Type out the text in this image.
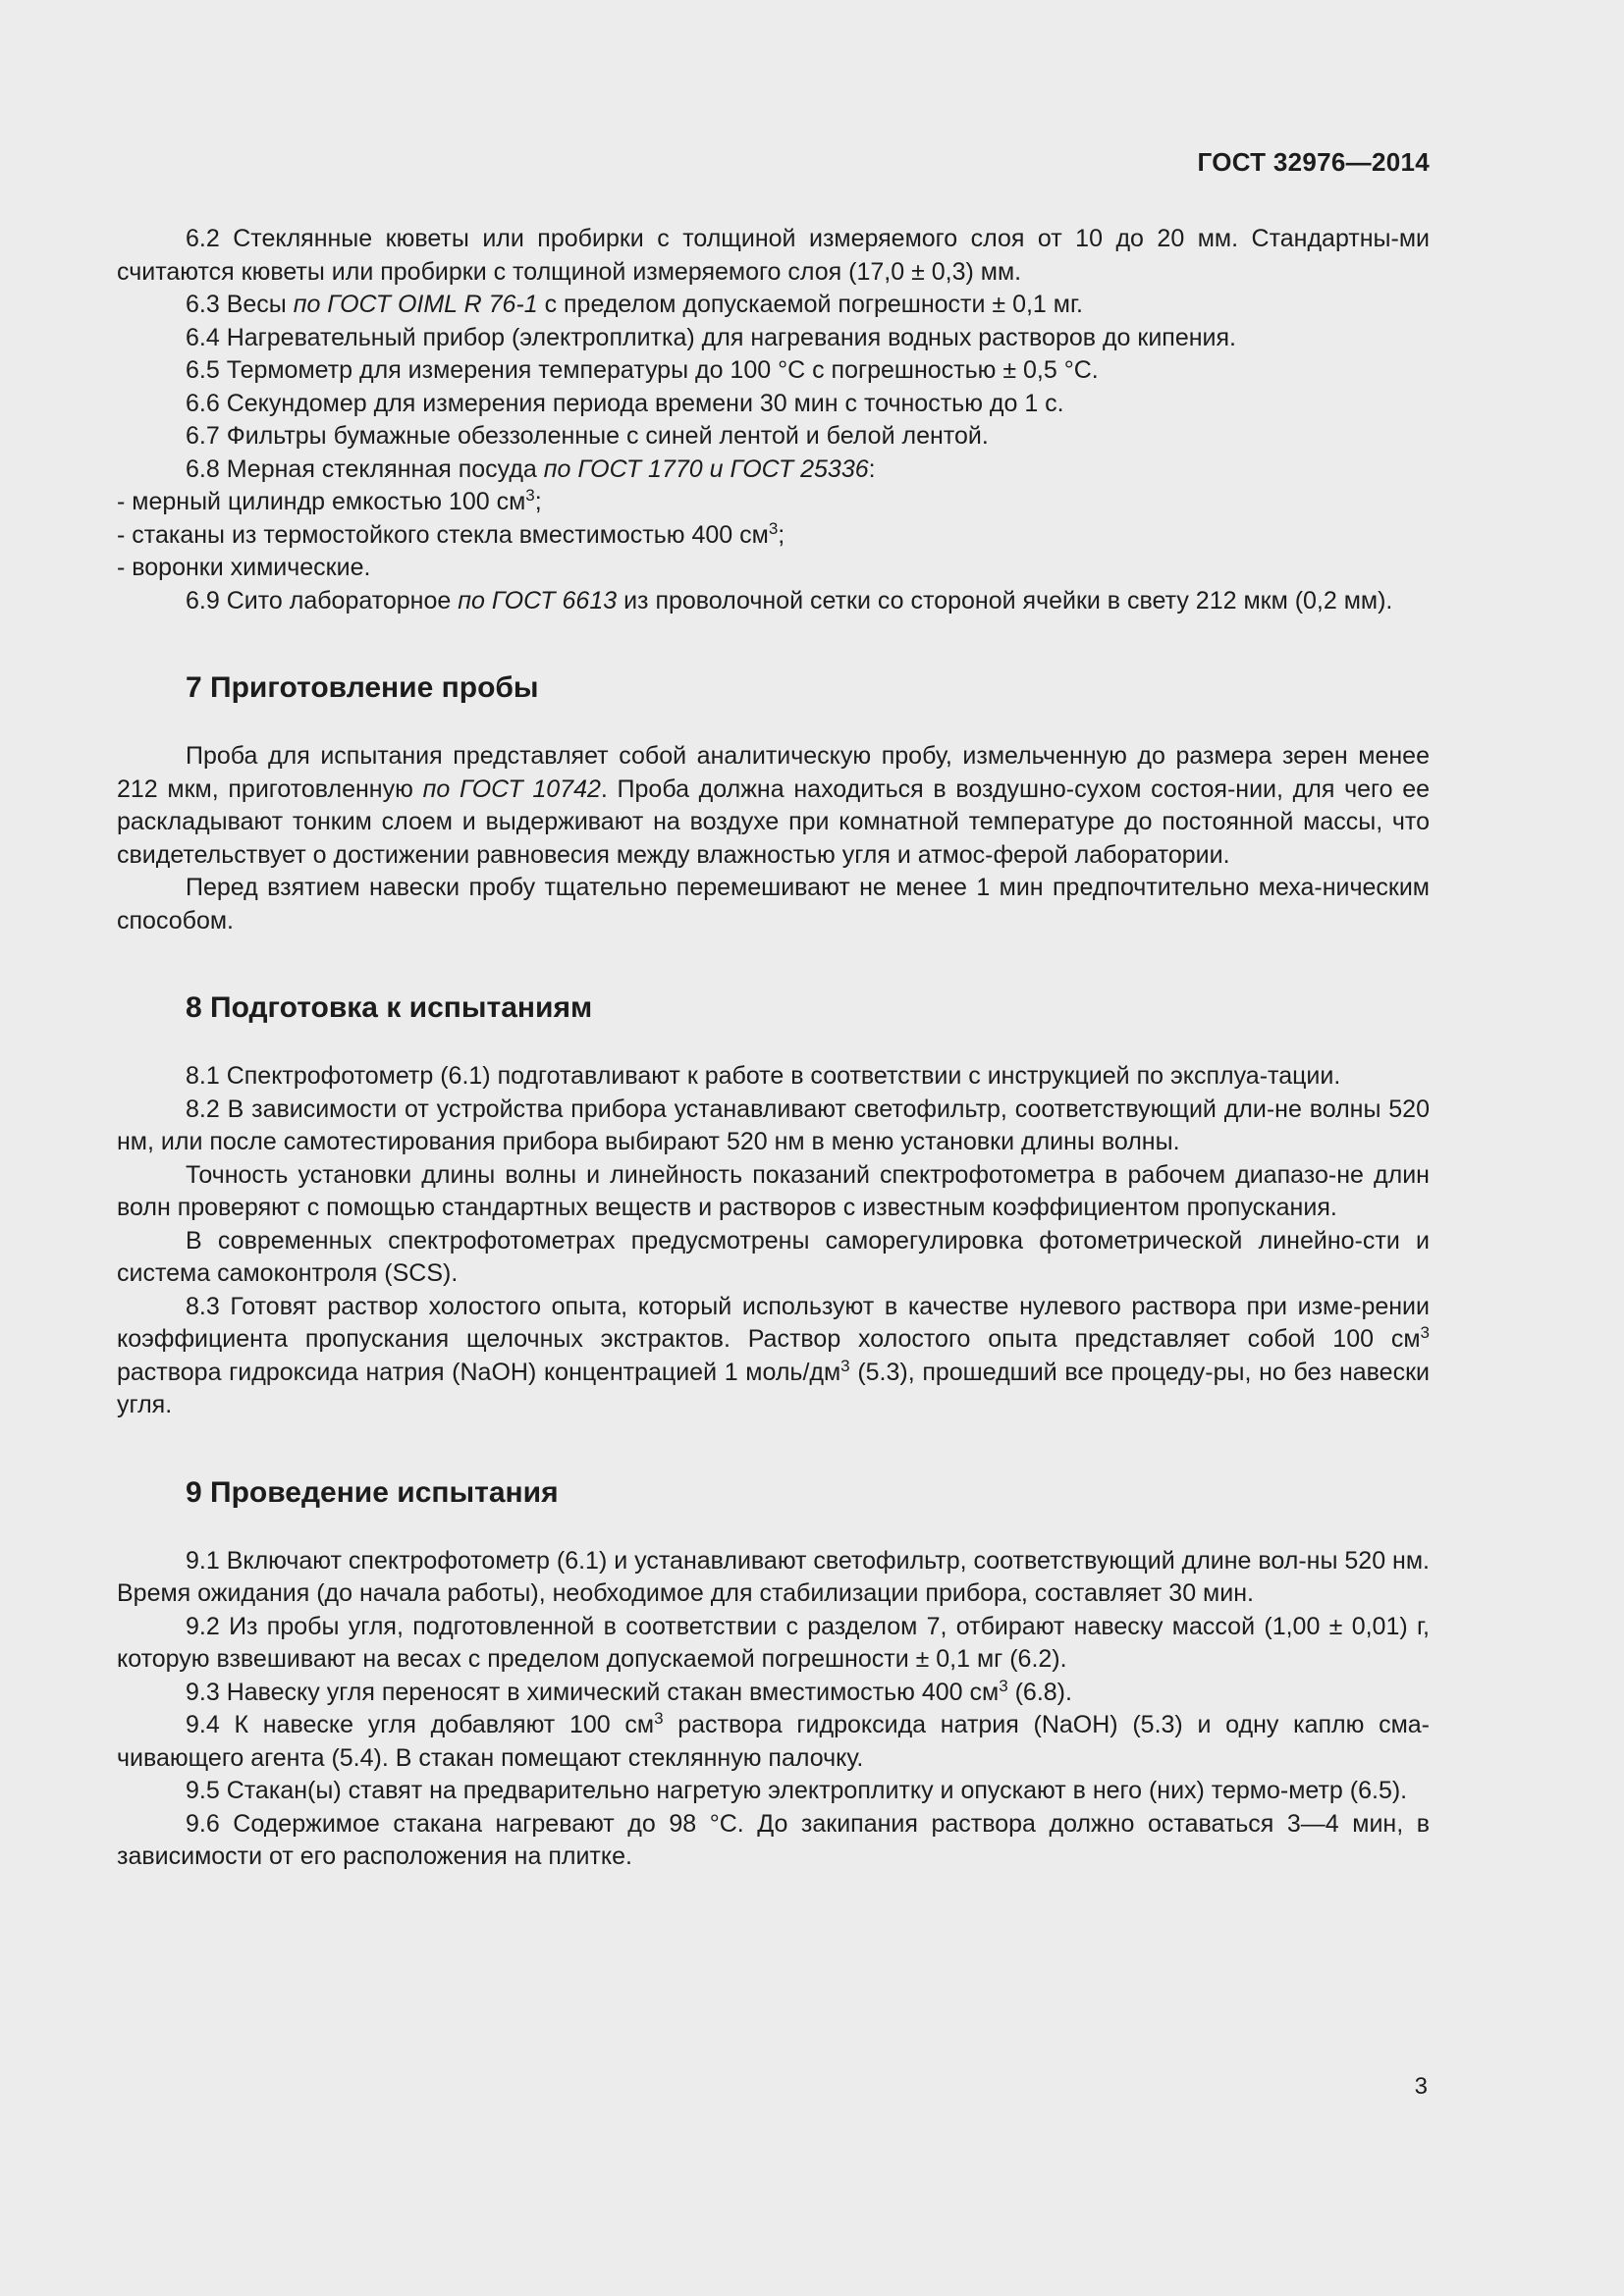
ГОСТ 32976—2014

6.2 Стеклянные кюветы или пробирки с толщиной измеряемого слоя от 10 до 20 мм. Стандартны-ми считаются кюветы или пробирки с толщиной измеряемого слоя (17,0 ± 0,3) мм.

6.3 Весы по ГОСТ OIML R 76-1 с пределом допускаемой погрешности ± 0,1 мг.

6.4 Нагревательный прибор (электроплитка) для нагревания водных растворов до кипения.

6.5 Термометр для измерения температуры до 100 °С с погрешностью ± 0,5 °С.

6.6 Секундомер для измерения периода времени 30 мин с точностью до 1 с.

6.7 Фильтры бумажные обеззоленные с синей лентой и белой лентой.

6.8 Мерная стеклянная посуда по ГОСТ 1770 и ГОСТ 25336:

- мерный цилиндр емкостью 100 $см^3$;

- стаканы из термостойкого стекла вместимостью 400 $см^3$;

- воронки химические.

6.9 Сито лабораторное по ГОСТ 6613 из проволочной сетки со стороной ячейки в свету 212 мкм (0,2 мм).

7 Приготовление пробы

Проба для испытания представляет собой аналитическую пробу, измельченную до размера зерен менее 212 мкм, приготовленную по ГОСТ 10742. Проба должна находиться в воздушно-сухом состоя-нии, для чего ее раскладывают тонким слоем и выдерживают на воздухе при комнатной температуре до постоянной массы, что свидетельствует о достижении равновесия между влажностью угля и атмос-ферой лаборатории.

Перед взятием навески пробу тщательно перемешивают не менее 1 мин предпочтительно меха-ническим способом.

8 Подготовка к испытаниям

8.1 Спектрофотометр (6.1) подготавливают к работе в соответствии с инструкцией по эксплуа-тации.

8.2 В зависимости от устройства прибора устанавливают светофильтр, соответствующий дли-не волны 520 нм, или после самотестирования прибора выбирают 520 нм в меню установки длины волны.

Точность установки длины волны и линейность показаний спектрофотометра в рабочем диапазо-не длин волн проверяют с помощью стандартных веществ и растворов с известным коэффициентом пропускания.

В современных спектрофотометрах предусмотрены саморегулировка фотометрической линейно-сти и система самоконтроля (SCS).

8.3 Готовят раствор холостого опыта, который используют в качестве нулевого раствора при изме-рении коэффициента пропускания щелочных экстрактов. Раствор холостого опыта представляет собой 100 $см^3$ раствора гидроксида натрия (NaOH) концентрацией 1 моль/$дм^3$ (5.3), прошедший все процеду-ры, но без навески угля.

9 Проведение испытания

9.1 Включают спектрофотометр (6.1) и устанавливают светофильтр, соответствующий длине вол-ны 520 нм. Время ожидания (до начала работы), необходимое для стабилизации прибора, составляет 30 мин.

9.2 Из пробы угля, подготовленной в соответствии с разделом 7, отбирают навеску массой (1,00 ± 0,01) г, которую взвешивают на весах с пределом допускаемой погрешности ± 0,1 мг (6.2).

9.3 Навеску угля переносят в химический стакан вместимостью 400 $см^3$ (6.8).

9.4 К навеске угля добавляют 100 $см^3$ раствора гидроксида натрия (NaOH) (5.3) и одну каплю сма-чивающего агента (5.4). В стакан помещают стеклянную палочку.

9.5 Стакан(ы) ставят на предварительно нагретую электроплитку и опускают в него (них) термо-метр (6.5).

9.6 Содержимое стакана нагревают до 98 °С. До закипания раствора должно оставаться 3—4 мин, в зависимости от его расположения на плитке.

3
